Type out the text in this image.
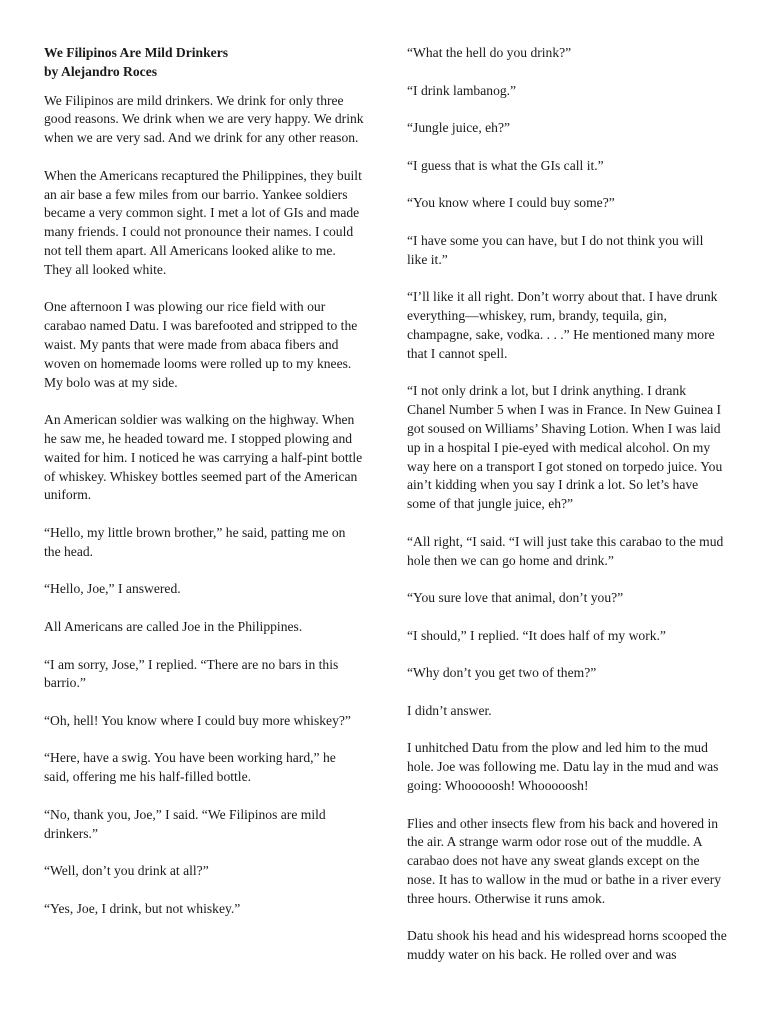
We Filipinos Are Mild Drinkers
by Alejandro Roces

We Filipinos are mild drinkers. We drink for only three good reasons. We drink when we are very happy. We drink when we are very sad. And we drink for any other reason.

When the Americans recaptured the Philippines, they built an air base a few miles from our barrio. Yankee soldiers became a very common sight. I met a lot of GIs and made many friends. I could not pronounce their names. I could not tell them apart. All Americans looked alike to me. They all looked white.

One afternoon I was plowing our rice field with our carabao named Datu. I was barefooted and stripped to the waist. My pants that were made from abaca fibers and woven on homemade looms were rolled up to my knees. My bolo was at my side.

An American soldier was walking on the highway. When he saw me, he headed toward me. I stopped plowing and waited for him. I noticed he was carrying a half-pint bottle of whiskey. Whiskey bottles seemed part of the American uniform.

“Hello, my little brown brother,” he said, patting me on the head.

“Hello, Joe,” I answered.

All Americans are called Joe in the Philippines.

“I am sorry, Jose,” I replied. “There are no bars in this barrio.”

“Oh, hell! You know where I could buy more whiskey?”

“Here, have a swig. You have been working hard,” he said, offering me his half-filled bottle.

“No, thank you, Joe,” I said. “We Filipinos are mild drinkers.”

“Well, don’t you drink at all?”

“Yes, Joe, I drink, but not whiskey.”

“What the hell do you drink?”

“I drink lambanog.”

“Jungle juice, eh?”

“I guess that is what the GIs call it.”

“You know where I could buy some?”

“I have some you can have, but I do not think you will like it.”

“I’ll like it all right. Don’t worry about that. I have drunk everything—whiskey, rum, brandy, tequila, gin, champagne, sake, vodka. . . .” He mentioned many more that I cannot spell.

“I not only drink a lot, but I drink anything. I drank Chanel Number 5 when I was in France. In New Guinea I got soused on Williams’ Shaving Lotion. When I was laid up in a hospital I pie-eyed with medical alcohol. On my way here on a transport I got stoned on torpedo juice. You ain’t kidding when you say I drink a lot. So let’s have some of that jungle juice, eh?”

“All right, “I said. “I will just take this carabao to the mud hole then we can go home and drink.”

“You sure love that animal, don’t you?”

“I should,” I replied. “It does half of my work.”

“Why don’t you get two of them?”

I didn’t answer.

I unhitched Datu from the plow and led him to the mud hole. Joe was following me. Datu lay in the mud and was going: Whooooosh! Whooooosh!

Flies and other insects flew from his back and hovered in the air. A strange warm odor rose out of the muddle. A carabao does not have any sweat glands except on the nose. It has to wallow in the mud or bathe in a river every three hours. Otherwise it runs amok.

Datu shook his head and his widespread horns scooped the muddy water on his back. He rolled over and was
